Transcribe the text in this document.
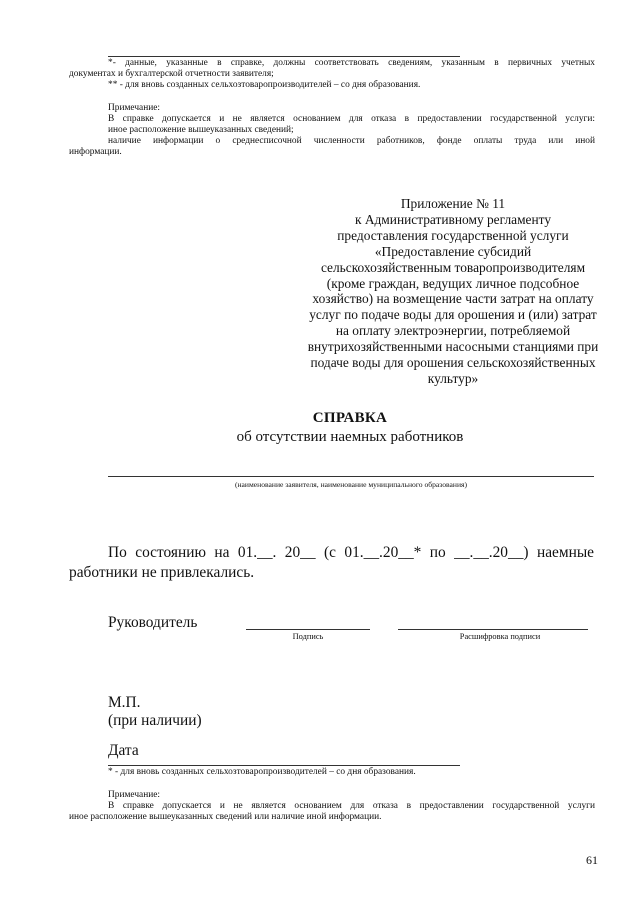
*- данные, указанные в справке, должны соответствовать сведениям, указанным в первичных учетных
документах и бухгалтерской отчетности заявителя;
** - для вновь созданных сельхозтоваропроизводителей – со дня образования.
Примечание:
В справке допускается и не является основанием для отказа в предоставлении государственной услуги:
иное расположение вышеуказанных сведений;
наличие информации о среднесписочной численности работников, фонде оплаты труда или иной
информации.
Приложение № 11
к Административному регламенту
предоставления государственной услуги
«Предоставление субсидий
сельскохозяйственным товаропроизводителям
(кроме граждан, ведущих личное подсобное
хозяйство) на возмещение части затрат на оплату
услуг по подаче воды для орошения и (или) затрат
на оплату электроэнергии, потребляемой
внутрихозяйственными насосными станциями при
подаче воды для орошения сельскохозяйственных
культур»
СПРАВКА
об отсутствии наемных работников
(наименование заявителя, наименование муниципального образования)
По состоянию на 01.__. 20__ (с 01.__.20__* по __.__.20__) наемные
работники не привлекались.
Руководитель
Подпись	Расшифровка подписи
М.П.
(при наличии)
Дата
* - для вновь созданных сельхозтоваропроизводителей – со дня образования.
Примечание:
В справке допускается и не является основанием для отказа в предоставлении государственной услуги
иное расположение вышеуказанных сведений или наличие иной информации.
61
